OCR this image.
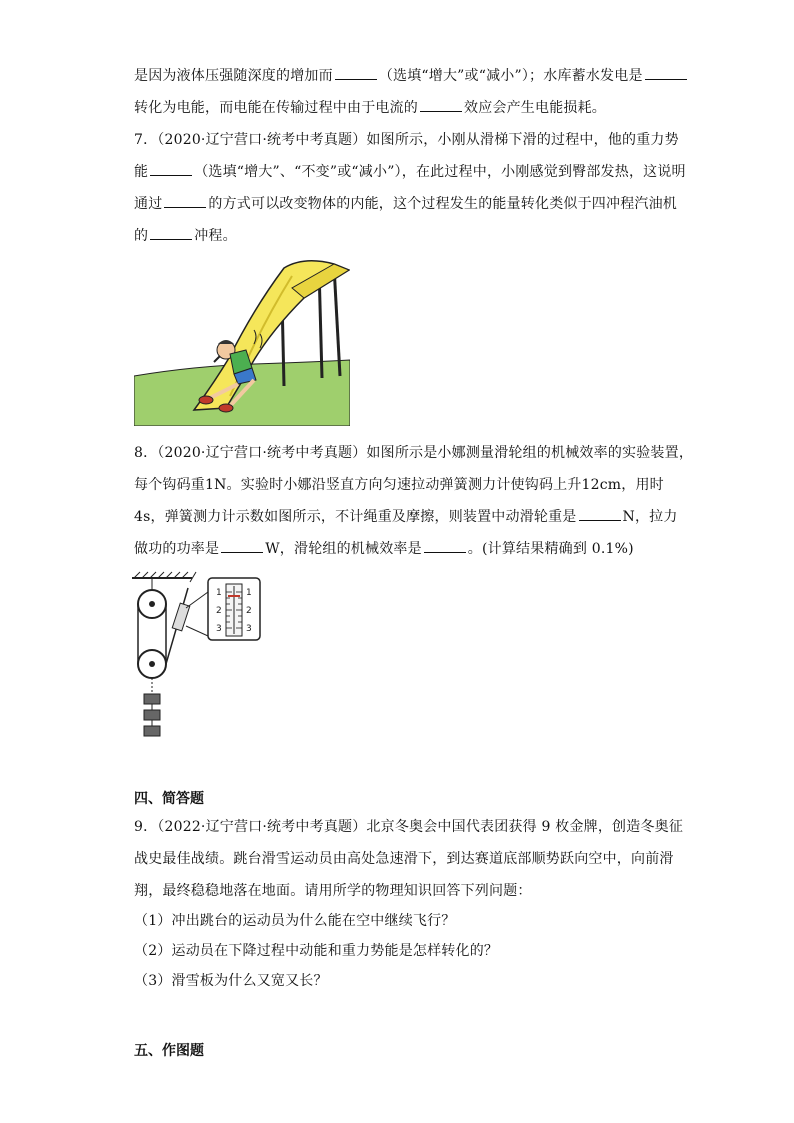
是因为液体压强随深度的增加而	（选填“增大”或“减小”）；水库蓄水发电是
转化为电能，而电能在传输过程中由于电流的	效应会产生电能损耗。
7．（2020·辽宁营口·统考中考真题）如图所示，小刚从滑梯下滑的过程中，他的重力势
能	（选填“增大”、“不变”或“减小”），在此过程中，小刚感觉到臀部发热，这说明
通过	的方式可以改变物体的内能，这个过程发生的能量转化类似于四冲程汽油机
的	冲程。
8．（2020·辽宁营口·统考中考真题）如图所示是小娜测量滑轮组的机械效率的实验装置，
每个钩码重1N。实验时小娜沿竖直方向匀速拉动弹簧测力计使钩码上升12cm，用时
4s，弹簧测力计示数如图所示，不计绳重及摩擦，则装置中动滑轮重是	N，拉力
做功的功率是	W，滑轮组的机械效率是	。(计算结果精确到 0.1%)
1
2
3
1
2
3
四、简答题
9．（2022·辽宁营口·统考中考真题）北京冬奥会中国代表团获得 9 枚金牌，创造冬奥征
战史最佳战绩。跳台滑雪运动员由高处急速滑下，到达赛道底部顺势跃向空中，向前滑
翔，最终稳稳地落在地面。请用所学的物理知识回答下列问题：
（1）冲出跳台的运动员为什么能在空中继续飞行？
（2）运动员在下降过程中动能和重力势能是怎样转化的？
（3）滑雪板为什么又宽又长？
五、作图题
